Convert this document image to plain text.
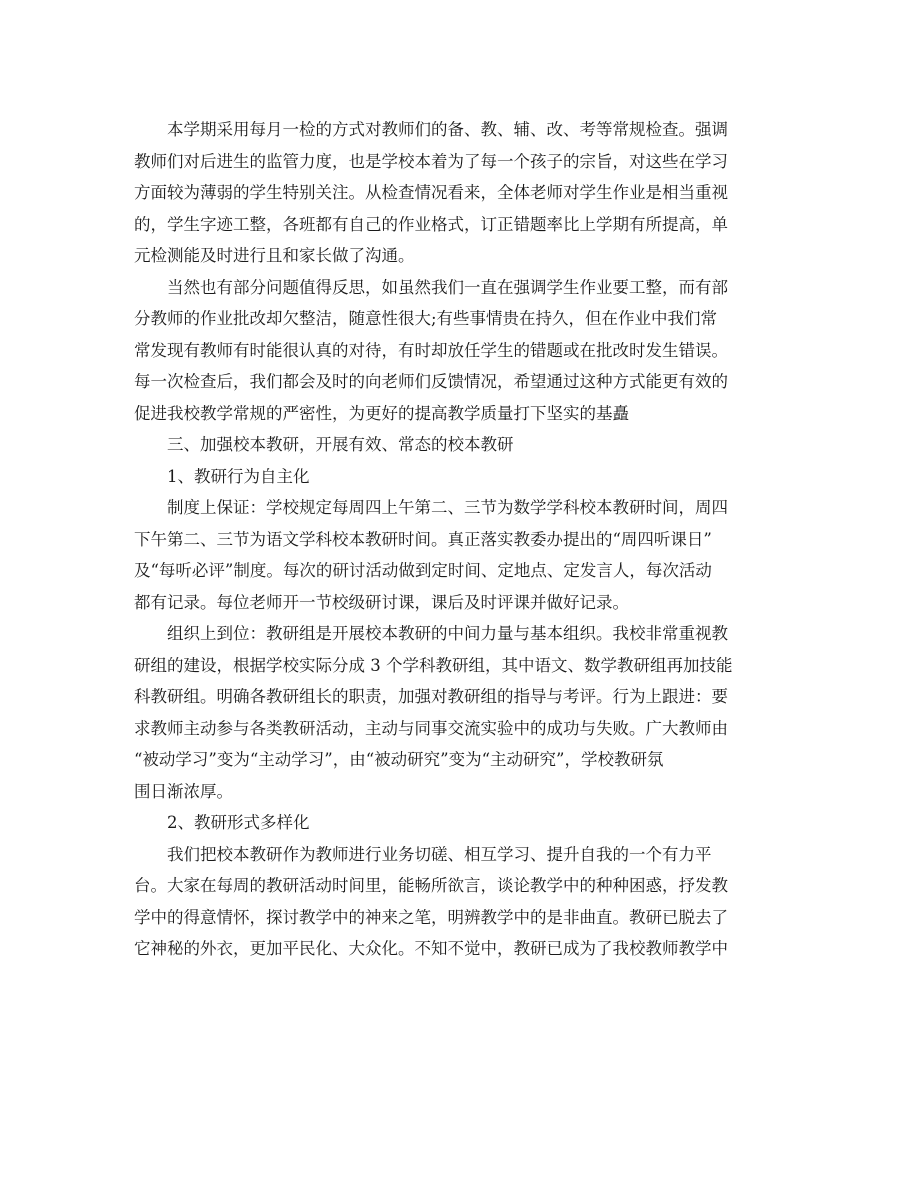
本学期采用每月一检的方式对教师们的备、教、辅、改、考等常规检查。强调
教师们对后进生的监管力度，也是学校本着为了每一个孩子的宗旨，对这些在学习
方面较为薄弱的学生特别关注。从检查情况看来，全体老师对学生作业是相当重视
的，学生字迹工整，各班都有自己的作业格式，订正错题率比上学期有所提高，单
元检测能及时进行且和家长做了沟通。

当然也有部分问题值得反思，如虽然我们一直在强调学生作业要工整，而有部
分教师的作业批改却欠整洁，随意性很大;有些事情贵在持久，但在作业中我们常
常发现有教师有时能很认真的对待，有时却放任学生的错题或在批改时发生错误。
每一次检查后，我们都会及时的向老师们反馈情况，希望通过这种方式能更有效的
促进我校教学常规的严密性，为更好的提高教学质量打下坚实的基矗

三、加强校本教研，开展有效、常态的校本教研

1、教研行为自主化

制度上保证：学校规定每周四上午第二、三节为数学学科校本教研时间，周四
下午第二、三节为语文学科校本教研时间。真正落实教委办提出的“周四听课日”
及“每听必评”制度。每次的研讨活动做到定时间、定地点、定发言人，每次活动
都有记录。每位老师开一节校级研讨课，课后及时评课并做好记录。

组织上到位：教研组是开展校本教研的中间力量与基本组织。我校非常重视教
研组的建设，根据学校实际分成 3 个学科教研组，其中语文、数学教研组再加技能
科教研组。明确各教研组长的职责，加强对教研组的指导与考评。行为上跟进：要
求教师主动参与各类教研活动，主动与同事交流实验中的成功与失败。广大教师由
“被动学习”变为“主动学习”，由“被动研究”变为“主动研究”，学校教研氛
围日渐浓厚。

2、教研形式多样化

我们把校本教研作为教师进行业务切磋、相互学习、提升自我的一个有力平
台。大家在每周的教研活动时间里，能畅所欲言，谈论教学中的种种困惑，抒发教
学中的得意情怀，探讨教学中的神来之笔，明辨教学中的是非曲直。教研已脱去了
它神秘的外衣，更加平民化、大众化。不知不觉中，教研已成为了我校教师教学中
